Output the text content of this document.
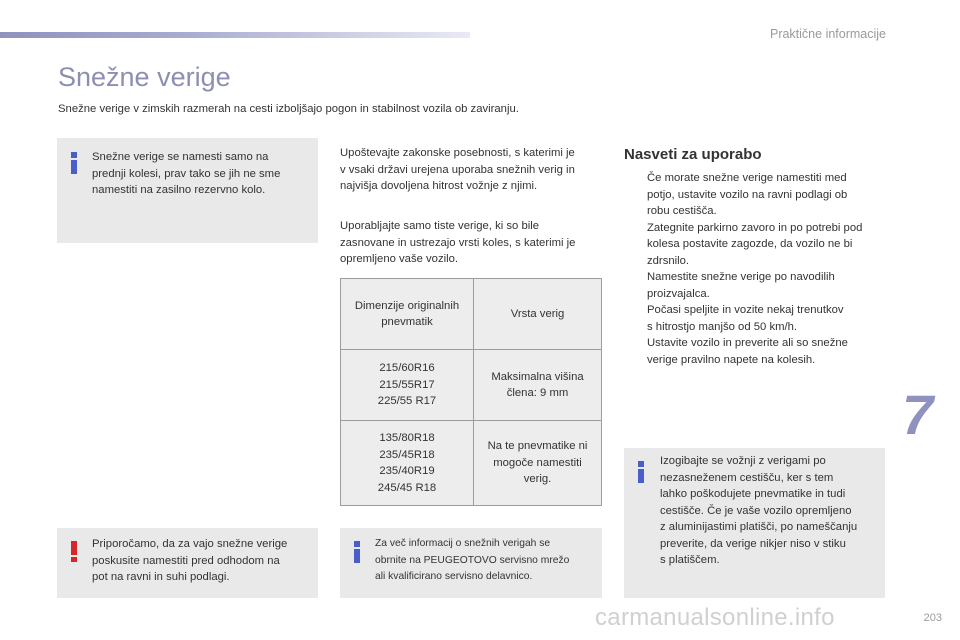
Praktične informacije
Snežne verige
Snežne verige v zimskih razmerah na cesti izboljšajo pogon in stabilnost vozila ob zaviranju.
Snežne verige se namesti samo na
prednji kolesi, prav tako se jih ne sme
namestiti na zasilno rezervno kolo.
Priporočamo, da za vajo snežne verige
poskusite namestiti pred odhodom na
pot na ravni in suhi podlagi.
Upoštevajte zakonske posebnosti, s katerimi je
v vsaki državi urejena uporaba snežnih verig in
najvišja dovoljena hitrost vožnje z njimi.
Uporabljajte samo tiste verige, ki so bile
zasnovane in ustrezajo vrsti koles, s katerimi je
opremljeno vaše vozilo.
Dimenzije originalnih
pnevmatik	Vrsta verig

215/60R16
215/55R17
225/55 R17	Maksimalna višina
člena: 9 mm

135/80R18
235/45R18
235/40R19
245/45 R18	Na te pnevmatike ni
mogoče namestiti
verig.
Za več informacij o snežnih verigah se
obrnite na PEUGEOTOVO servisno mrežo
ali kvalificirano servisno delavnico.
Nasveti za uporabo
Če morate snežne verige namestiti med
potjo, ustavite vozilo na ravni podlagi ob
robu cestišča.
Zategnite parkirno zavoro in po potrebi pod
kolesa postavite zagozde, da vozilo ne bi
zdrsnilo.
Namestite snežne verige po navodilih
proizvajalca.
Počasi speljite in vozite nekaj trenutkov
s hitrostjo manjšo od 50 km/h.
Ustavite vozilo in preverite ali so snežne
verige pravilno napete na kolesih.
Izogibajte se vožnji z verigami po
nezasneženem cestišču, ker s tem
lahko poškodujete pnevmatike in tudi
cestišče. Če je vaše vozilo opremljeno
z aluminijastimi platišči, po nameščanju
preverite, da verige nikjer niso v stiku
s platiščem.
7
carmanualsonline.info	203
